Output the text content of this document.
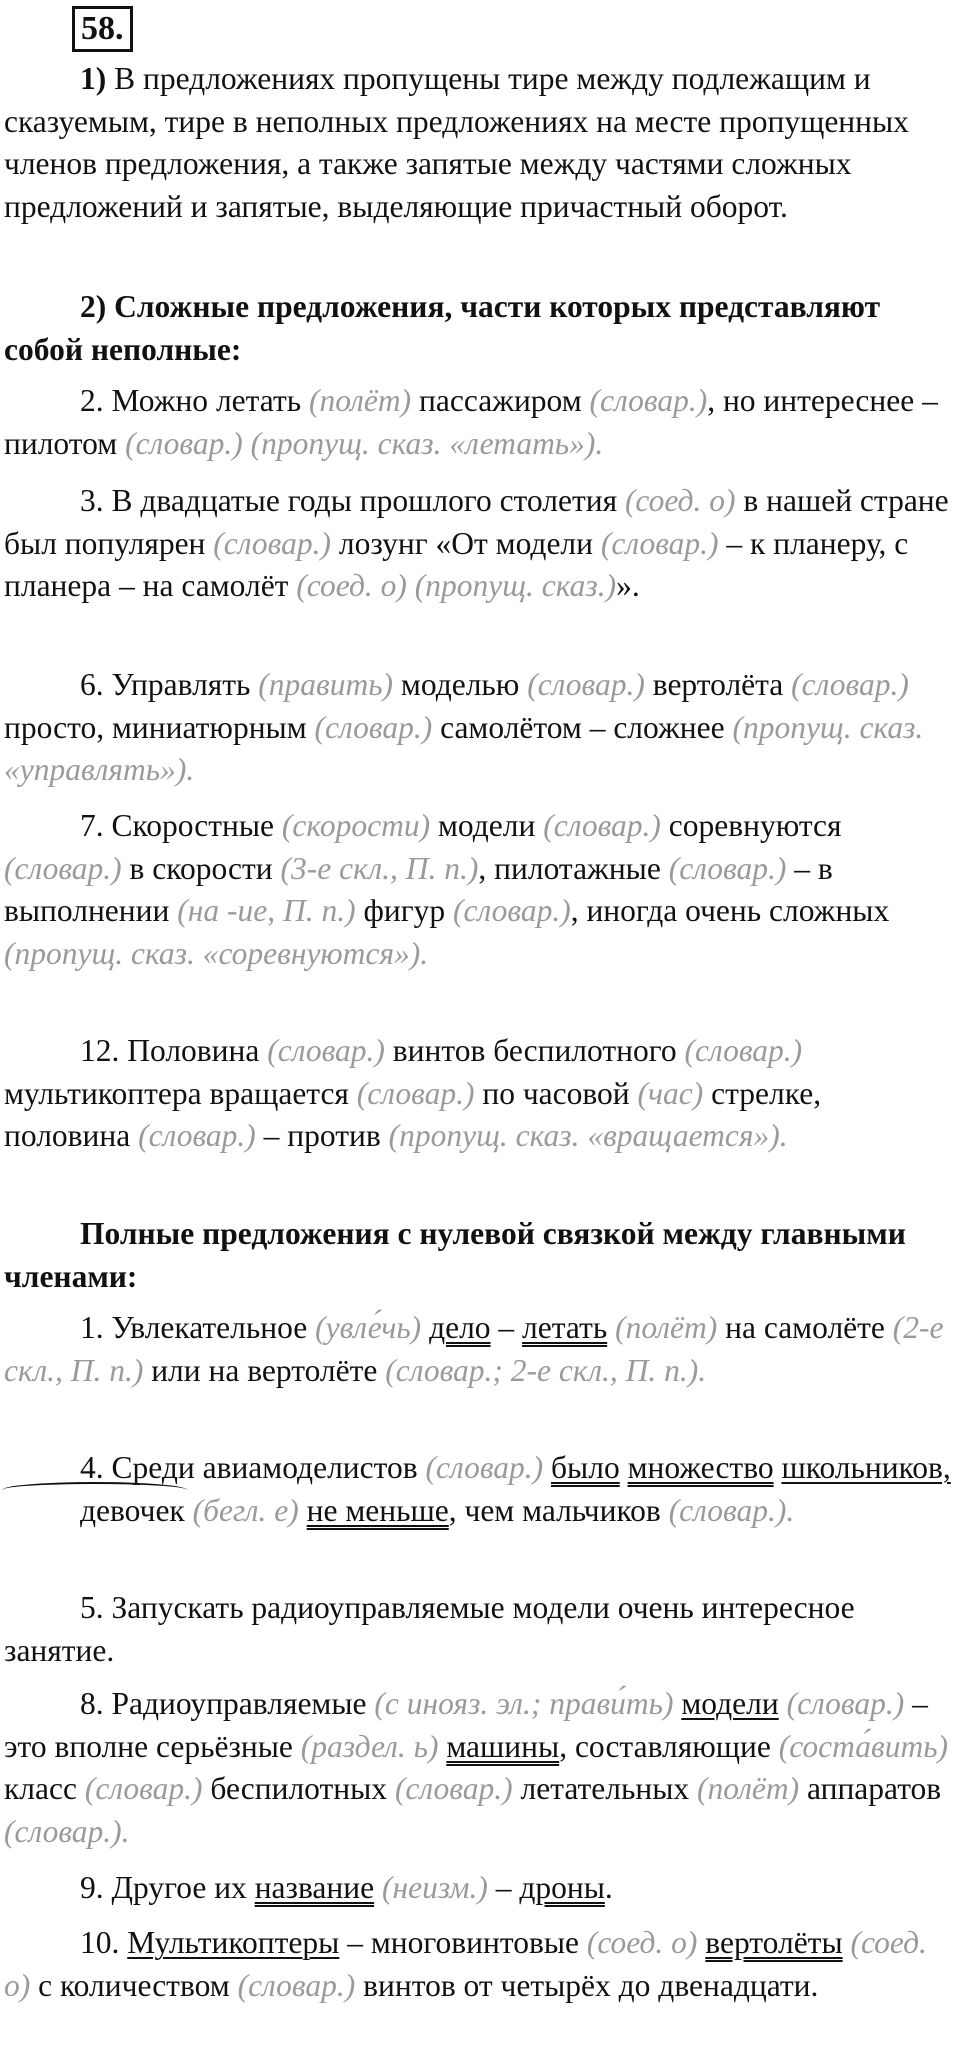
58.

1) В предложениях пропущены тире между подлежащим и сказуемым, тире в неполных предложениях на месте пропущенных членов предложения, а также запятые между частями сложных предложений и запятые, выделяющие причастный оборот.

2) Сложные предложения, части которых представляют собой неполные:

2. Можно летать (полёт) пассажиром (словар.), но интереснее – пилотом (словар.) (пропущ. сказ. «летать»).

3. В двадцатые годы прошлого столетия (соед. о) в нашей стране был популярен (словар.) лозунг «От модели (словар.) – к планеру, с планера – на самолёт (соед. о) (пропущ. сказ.)».

6. Управлять (править) моделью (словар.) вертолёта (словар.) просто, миниатюрным (словар.) самолётом – сложнее (пропущ. сказ. «управлять»).

7. Скоростные (скорости) модели (словар.) соревнуются (словар.) в скорости (3-е скл., П. п.), пилотажные (словар.) – в выполнении (на -ие, П. п.) фигур (словар.), иногда очень сложных (пропущ. сказ. «соревнуются»).

12. Половина (словар.) винтов беспилотного (словар.) мультикоптера вращается (словар.) по часовой (час) стрелке, половина (словар.) – против (пропущ. сказ. «вращается»).

Полные предложения с нулевой связкой между главными членами:

1. Увлекательное (увле́чь) дело – летать (полёт) на самолёте (2-е скл., П. п.) или на вертолёте (словар.; 2-е скл., П. п.).

4. Среди авиамоделистов (словар.) было множество школьников, девочек (бегл. е) не меньше, чем мальчиков (словар.).

5. Запускать радиоуправляемые модели очень интересное занятие.

8. Радиоуправляемые (с инояз. эл.; прави́ть) модели (словар.) – это вполне серьёзные (раздел. ь) машины, составляющие (соста́вить) класс (словар.) беспилотных (словар.) летательных (полёт) аппаратов (словар.).

9. Другое их название (неизм.) – дроны.

10. Мультикоптеры – многовинтовые (соед. о) вертолёты (соед. о) с количеством (словар.) винтов от четырёх до двенадцати.
